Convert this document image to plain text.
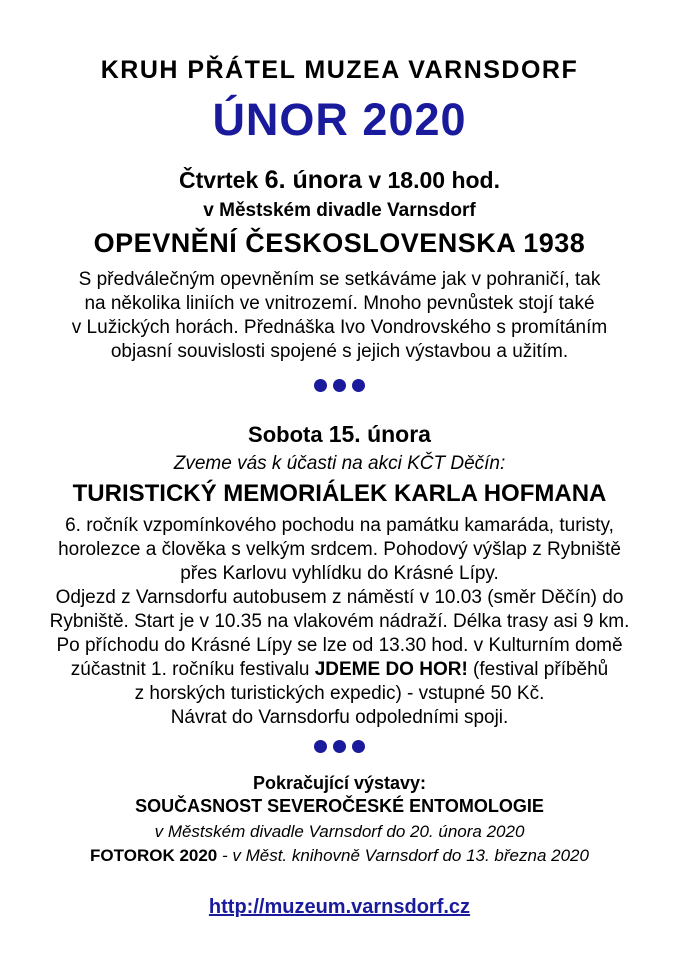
KRUH PŘÁTEL MUZEA VARNSDORF
ÚNOR 2020
Čtvrtek 6. února v 18.00 hod.
v Městském divadle Varnsdorf
OPEVNĚNÍ ČESKOSLOVENSKA 1938
S předválečným opevněním se setkáváme jak v pohraničí, tak
na několika liniích ve vnitrozemí. Mnoho pevnůstek stojí také
v Lužických horách. Přednáška Ivo Vondrovského s promítáním
objasní souvislosti spojené s jejich výstavbou a užitím.
Sobota 15. února
Zveme vás k účasti na akci KČT Děčín:
TURISTICKÝ MEMORIÁLEK KARLA HOFMANA
6. ročník vzpomínkového pochodu na památku kamaráda, turisty,
horolezce a člověka s velkým srdcem. Pohodový výšlap z Rybniště
přes Karlovu vyhlídku do Krásné Lípy.
Odjezd z Varnsdorfu autobusem z náměstí v 10.03 (směr Děčín) do
Rybniště. Start je v 10.35 na vlakovém nádraží. Délka trasy asi 9 km.
Po příchodu do Krásné Lípy se lze od 13.30 hod. v Kulturním domě
zúčastnit 1. ročníku festivalu JDEME DO HOR! (festival příběhů
z horských turistických expedic) - vstupné 50 Kč.
Návrat do Varnsdorfu odpoledními spoji.
Pokračující výstavy:
SOUČASNOST SEVEROČESKÉ ENTOMOLOGIE
v Městském divadle Varnsdorf do 20. února 2020
FOTOROK 2020 - v Měst. knihovně Varnsdorf do 13. března 2020
http://muzeum.varnsdorf.cz
